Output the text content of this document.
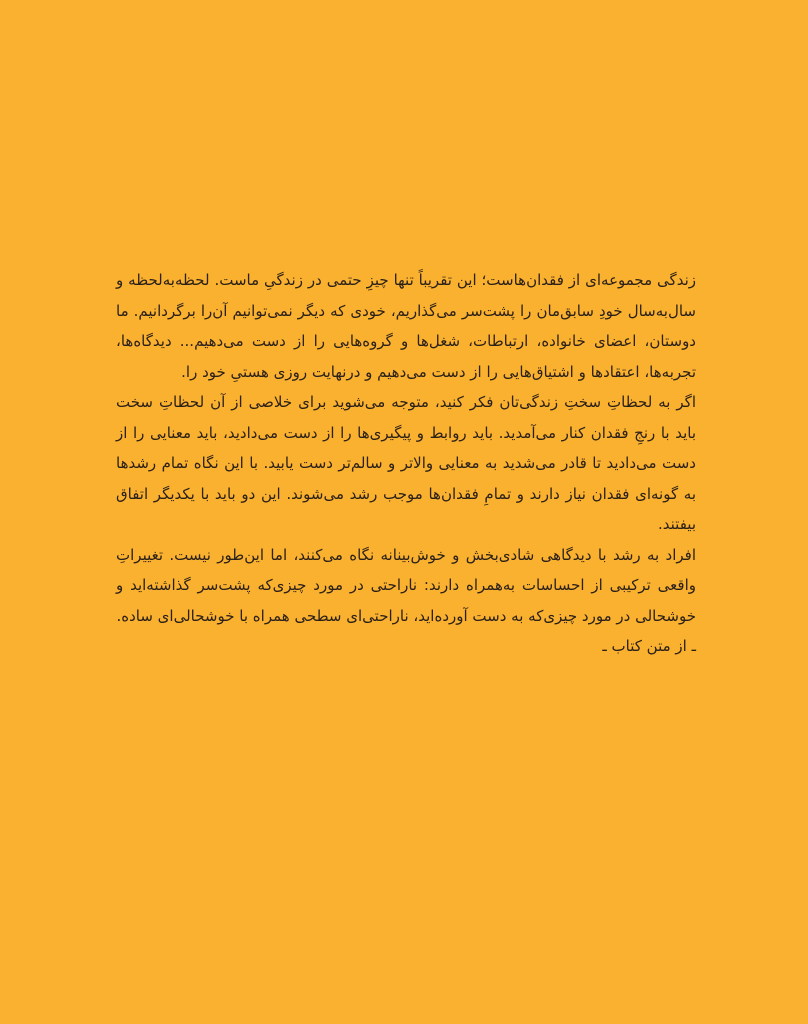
زندگی مجموعه‌ای از فقدان‌هاست؛ این تقریباً تنها چیزِ حتمی در زندگیِ ماست. لحظه‌به‌لحظه و سال‌به‌سال خودِ سابق‌مان را پشت‌سر می‌گذاریم، خودی که دیگر نمی‌توانیم آن‌را برگردانیم. ما دوستان، اعضای خانواده، ارتباطات، شغل‌ها و گروه‌هایی را از دست می‌دهیم... دیدگاه‌ها، تجربه‌ها، اعتقادها و اشتیاق‌هایی را از دست می‌دهیم و درنهایت روزی هستیِ خود را.

اگر به لحظاتِ سختِ زندگی‌تان فکر کنید، متوجه می‌شوید برای خلاصی از آن لحظاتِ سخت باید با رنجِ فقدان کنار می‌آمدید. باید روابط و پیگیری‌ها را از دست می‌دادید، باید معنایی را از دست می‌دادید تا قادر می‌شدید به معنایی والاتر و سالم‌تر دست یابید. با این نگاه تمام رشدها به گونه‌ای فقدان نیاز دارند و تمامِ فقدان‌ها موجب رشد می‌شوند. این دو باید با یکدیگر اتفاق بیفتند.

افراد به رشد با دیدگاهی شادی‌بخش و خوش‌بینانه نگاه می‌کنند، اما این‌طور نیست. تغییراتِ واقعی ترکیبی از احساسات به‌همراه دارند: ناراحتی در مورد چیزی‌که پشت‌سر گذاشته‌اید و خوشحالی در مورد چیزی‌که به دست آورده‌اید، ناراحتی‌ای سطحی همراه با خوشحالی‌ای ساده.

ـ از متن کتاب ـ
